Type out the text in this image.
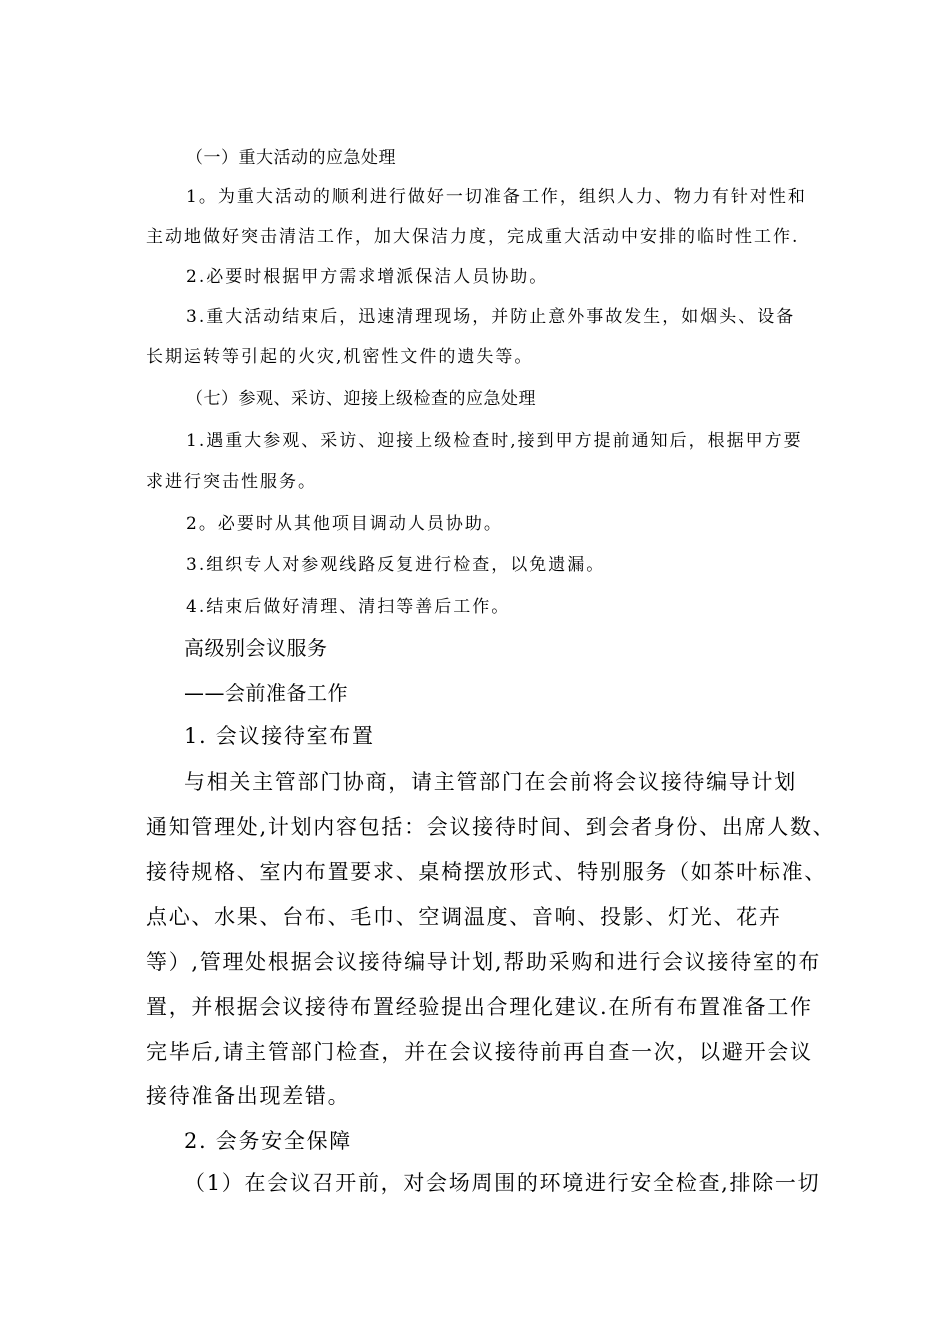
（一）重大活动的应急处理
1。为重大活动的顺利进行做好一切准备工作，组织人力、物力有针对性和
主动地做好突击清洁工作，加大保洁力度，完成重大活动中安排的临时性工作.
2.必要时根据甲方需求增派保洁人员协助。
3.重大活动结束后，迅速清理现场，并防止意外事故发生，如烟头、设备
长期运转等引起的火灾,机密性文件的遗失等。
（七）参观、采访、迎接上级检查的应急处理
1.遇重大参观、采访、迎接上级检查时,接到甲方提前通知后，根据甲方要
求进行突击性服务。
2。必要时从其他项目调动人员协助。
3.组织专人对参观线路反复进行检查，以免遗漏。
4.结束后做好清理、清扫等善后工作。
高级别会议服务
——会前准备工作
1. 会议接待室布置
与相关主管部门协商，请主管部门在会前将会议接待编导计划
通知管理处,计划内容包括：会议接待时间、到会者身份、出席人数、
接待规格、室内布置要求、桌椅摆放形式、特别服务（如茶叶标准、
点心、水果、台布、毛巾、空调温度、音响、投影、灯光、花卉
等）,管理处根据会议接待编导计划,帮助采购和进行会议接待室的布
置，并根据会议接待布置经验提出合理化建议.在所有布置准备工作
完毕后,请主管部门检查，并在会议接待前再自查一次，以避开会议
接待准备出现差错。
2. 会务安全保障
（1）在会议召开前，对会场周围的环境进行安全检查,排除一切
